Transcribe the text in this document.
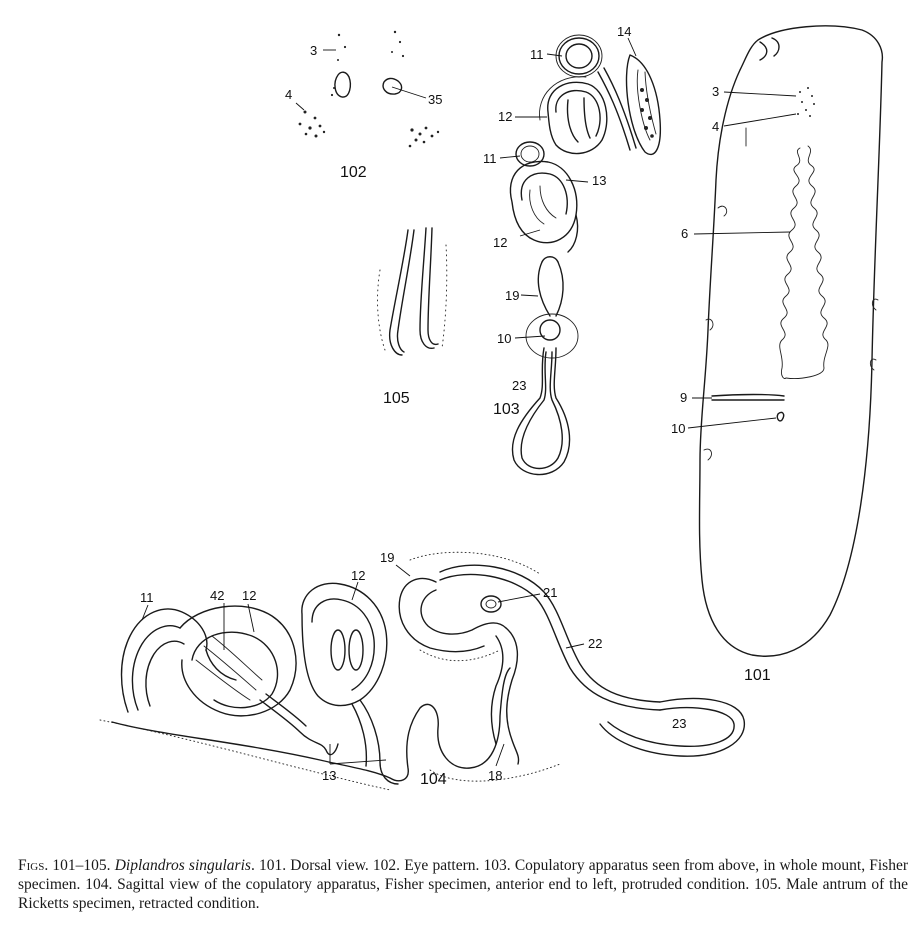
3
4	35
102
105
11
12
11
12
13
14
19
10
23
103
3
4
6
9
10
101
11	42 12
12
19
21
22
23
13	18
104

Figs. 101–105. Diplandros singularis. 101. Dorsal view. 102. Eye pattern. 103. Copulatory apparatus seen from above, in whole mount, Fisher specimen. 104. Sagittal view of the copulatory apparatus, Fisher specimen, anterior end to left, protruded condition. 105. Male antrum of the Ricketts specimen, retracted condition.
